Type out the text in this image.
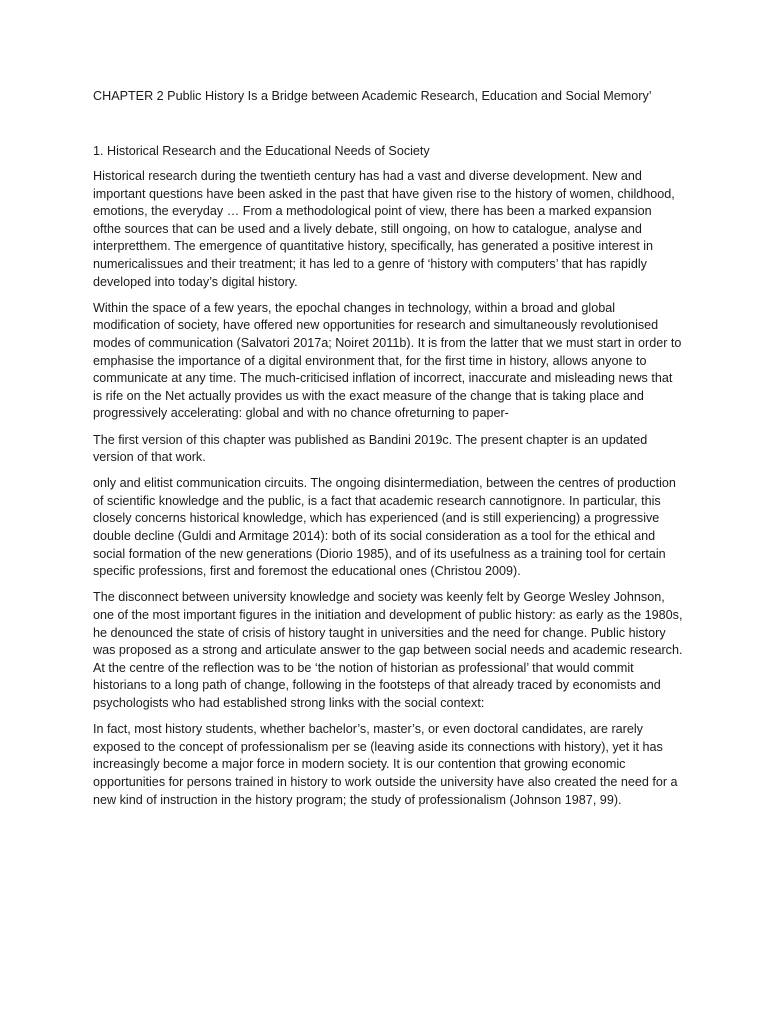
CHAPTER 2 Public History Is a Bridge between Academic Research, Education and Social Memory’
1. Historical Research and the Educational Needs of Society

Historical research during the twentieth century has had a vast and diverse development. New and important questions have been asked in the past that have given rise to the history of women, childhood, emotions, the everyday … From a methodological point of view, there has been a marked expansion ofthe sources that can be used and a lively debate, still ongoing, on how to catalogue, analyse and interpretthem. The emergence of quantitative history, specifically, has generated a positive interest in numericalissues and their treatment; it has led to a genre of ‘history with computers’ that has rapidly developed into today’s digital history.

Within the space of a few years, the epochal changes in technology, within a broad and global modification of society, have offered new opportunities for research and simultaneously revolutionised modes of communication (Salvatori 2017a; Noiret 2011b). It is from the latter that we must start in order to emphasise the importance of a digital environment that, for the first time in history, allows anyone to communicate at any time. The much-criticised inflation of incorrect, inaccurate and misleading news that is rife on the Net actually provides us with the exact measure of the change that is taking place and progressively accelerating: global and with no chance ofreturning to paper-

The first version of this chapter was published as Bandini 2019c. The present chapter is an updated version of that work.

only and elitist communication circuits. The ongoing disintermediation, between the centres of production of scientific knowledge and the public, is a fact that academic research cannotignore. In particular, this closely concerns historical knowledge, which has experienced (and is still experiencing) a progressive double decline (Guldi and Armitage 2014): both of its social consideration as a tool for the ethical and social formation of the new generations (Diorio 1985), and of its usefulness as a training tool for certain specific professions, first and foremost the educational ones (Christou 2009).

The disconnect between university knowledge and society was keenly felt by George Wesley Johnson, one of the most important figures in the initiation and development of public history: as early as the 1980s, he denounced the state of crisis of history taught in universities and the need for change. Public history was proposed as a strong and articulate answer to the gap between social needs and academic research. At the centre of the reflection was to be ‘the notion of historian as professional’ that would commit historians to a long path of change, following in the footsteps of that already traced by economists and psychologists who had established strong links with the social context:

In fact, most history students, whether bachelor’s, master’s, or even doctoral candidates, are rarely exposed to the concept of professionalism per se (leaving aside its connections with history), yet it has increasingly become a major force in modern society. It is our contention that growing economic opportunities for persons trained in history to work outside the university have also created the need for a new kind of instruction in the history program; the study of professionalism (Johnson 1987, 99).
